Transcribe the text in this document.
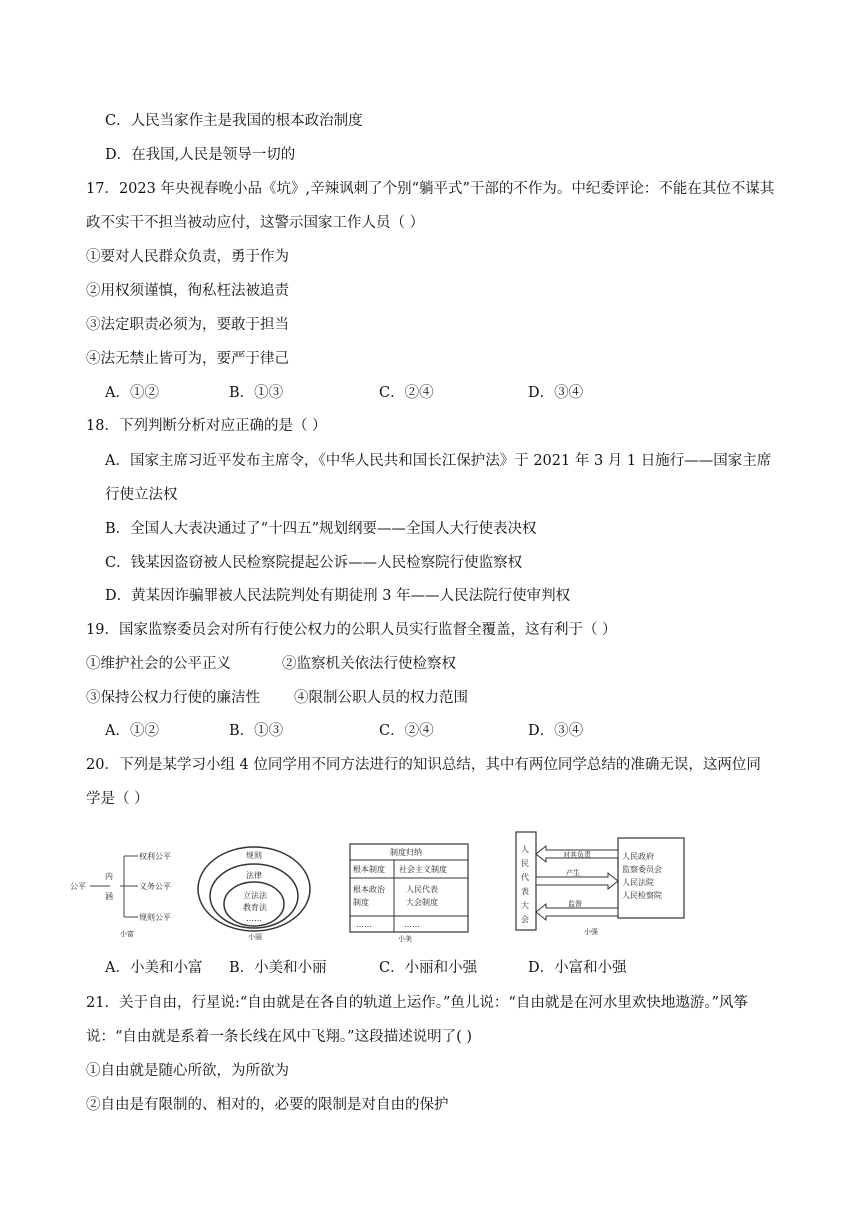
C．人民当家作主是我国的根本政治制度
D．在我国,人民是领导一切的
17．2023 年央视春晚小品《坑》,辛辣讽刺了个别“躺平式”干部的不作为。中纪委评论：不能在其位不谋其
政不实干不担当被动应付，这警示国家工作人员（ ）
①要对人民群众负责，勇于作为
②用权须谨慎，徇私枉法被追责
③法定职责必须为，要敢于担当
④法无禁止皆可为，要严于律己
A．①②	B．①③	C．②④	D．③④
18．下列判断分析对应正确的是（ ）
A．国家主席习近平发布主席令，《中华人民共和国长江保护法》于 2021 年 3 月 1 日施行——国家主席
行使立法权
B．全国人大表决通过了“十四五”规划纲要——全国人大行使表决权
C．钱某因盗窃被人民检察院提起公诉——人民检察院行使监察权
D．黄某因诈骗罪被人民法院判处有期徒刑 3 年——人民法院行使审判权
19．国家监察委员会对所有行使公权力的公职人员实行监督全覆盖，这有利于（ ）
①维护社会的公平正义	②监察机关依法行使检察权
③保持公权力行使的廉洁性 ④限制公职人员的权力范围
A．①②	B．①③	C．②④	D．③④
20．下列是某学习小组 4 位同学用不同方法进行的知识总结，其中有两位同学总结的准确无误，这两位同
学是（ ）
公平
内
涵
权利公平
义务公平
规则公平
小富
规则
法律
立法法
教育法
……
小丽
制度归纳
根本制度 社会主义制度
根本政治
制度
人民代表
大会制度
……	……
小美
人
民
代
表
大
会
人民政府
监察委员会
人民法院
人民检察院
对其负责
产生
监督
小强
A．小美和小富 B．小美和小丽	C．小丽和小强	D．小富和小强
21．关于自由，行星说:“自由就是在各自的轨道上运作。”鱼儿说：“自由就是在河水里欢快地遨游。”风筝
说：“自由就是系着一条长线在风中飞翔。”这段描述说明了( )
①自由就是随心所欲，为所欲为
②自由是有限制的、相对的，必要的限制是对自由的保护
